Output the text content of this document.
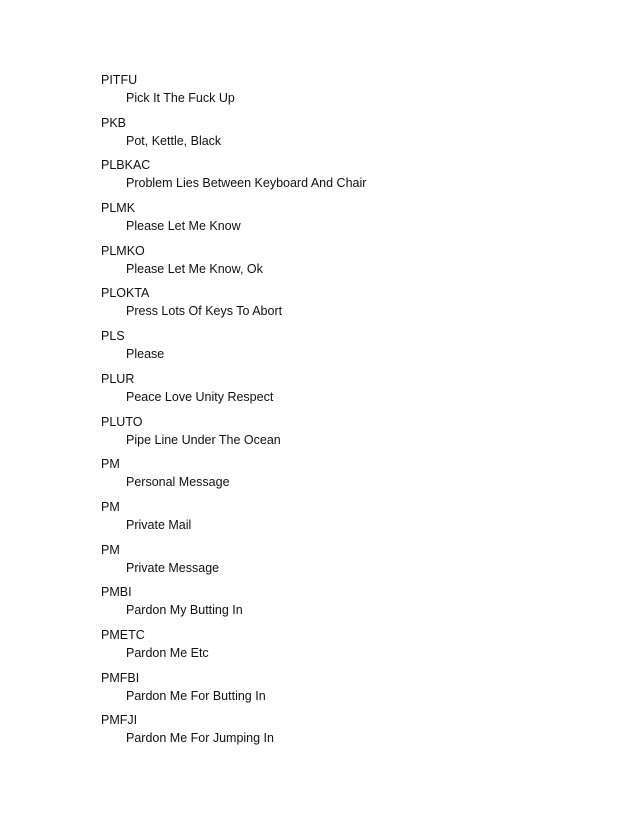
PITFU
Pick It The Fuck Up
PKB
Pot, Kettle, Black
PLBKAC
Problem Lies Between Keyboard And Chair
PLMK
Please Let Me Know
PLMKO
Please Let Me Know, Ok
PLOKTA
Press Lots Of Keys To Abort
PLS
Please
PLUR
Peace Love Unity Respect
PLUTO
Pipe Line Under The Ocean
PM
Personal Message
PM
Private Mail
PM
Private Message
PMBI
Pardon My Butting In
PMETC
Pardon Me Etc
PMFBI
Pardon Me For Butting In
PMFJI
Pardon Me For Jumping In
